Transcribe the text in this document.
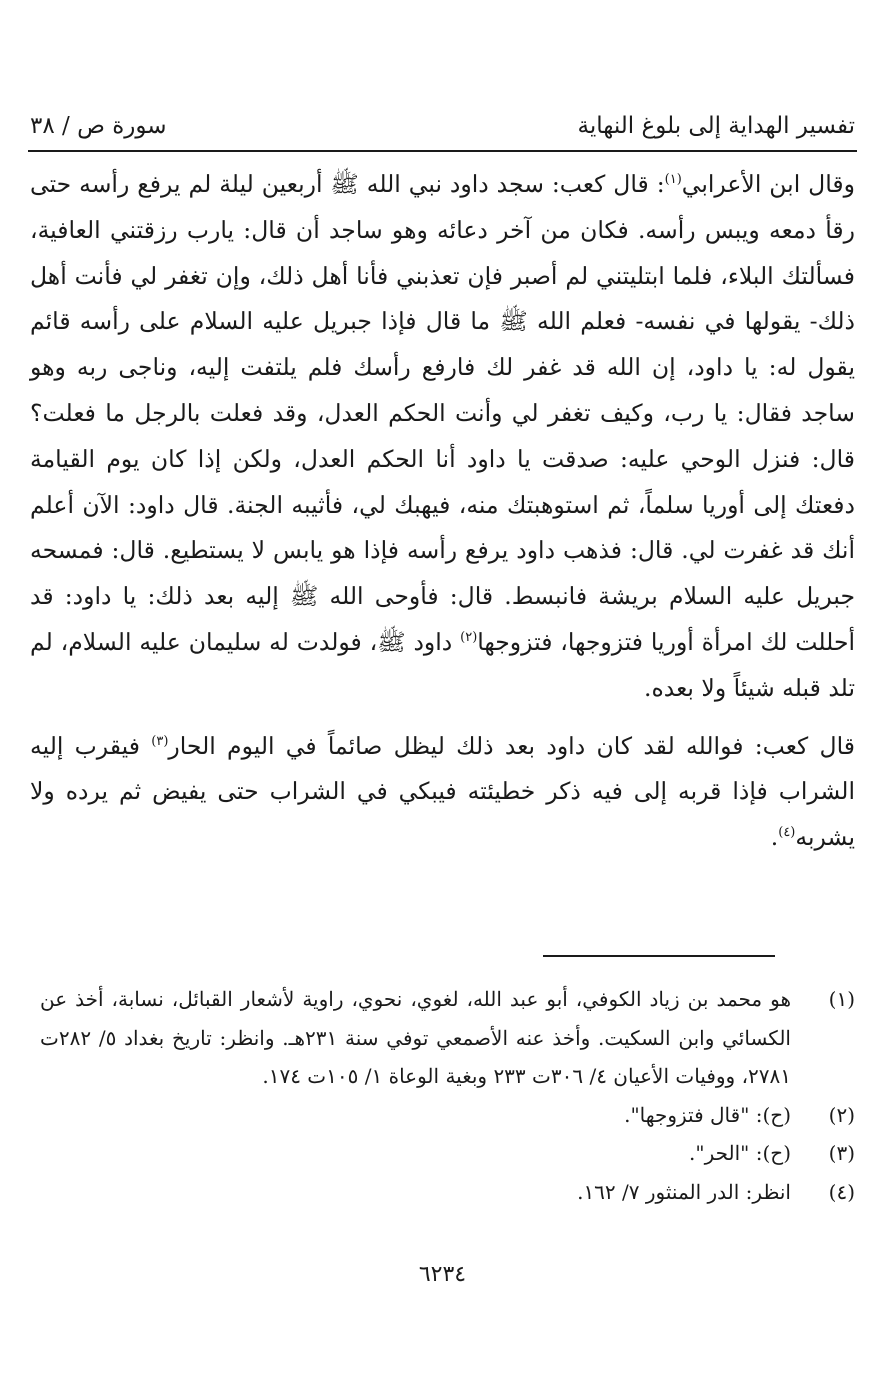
تفسير الهداية إلى بلوغ النهاية
سورة ص / ٣٨

وقال ابن الأعرابي$^{(١)}$: قال كعب: سجد داود نبي الله ﷺ أربعين ليلة لم يرفع رأسه حتى رقأ دمعه ويبس رأسه. فكان من آخر دعائه وهو ساجد أن قال: يارب رزقتني العافية، فسألتك البلاء، فلما ابتليتني لم أصبر فإن تعذبني فأنا أهل ذلك، وإن تغفر لي فأنت أهل ذلك- يقولها في نفسه- فعلم الله ﷺ ما قال فإذا جبريل عليه السلام على رأسه قائم يقول له: يا داود، إن الله قد غفر لك فارفع رأسك فلم يلتفت إليه، وناجى ربه وهو ساجد فقال: يا رب، وكيف تغفر لي وأنت الحكم العدل، وقد فعلت بالرجل ما فعلت؟ قال: فنزل الوحي عليه: صدقت يا داود أنا الحكم العدل، ولكن إذا كان يوم القيامة دفعتك إلى أوريا سلماً، ثم استوهبتك منه، فيهبك لي، فأثيبه الجنة. قال داود: الآن أعلم أنك قد غفرت لي. قال: فذهب داود يرفع رأسه فإذا هو يابس لا يستطيع. قال: فمسحه جبريل عليه السلام بريشة فانبسط. قال: فأوحى الله ﷺ إليه بعد ذلك: يا داود: قد أحللت لك امرأة أوريا فتزوجها، فتزوجها$^{(٢)}$ داود ﷺ، فولدت له سليمان عليه السلام، لم تلد قبله شيئاً ولا بعده.

قال كعب: فوالله لقد كان داود بعد ذلك ليظل صائماً في اليوم الحار$^{(٣)}$ فيقرب إليه الشراب فإذا قربه إلى فيه ذكر خطيئته فيبكي في الشراب حتى يفيض ثم يرده ولا يشربه$^{(٤)}$.

(١)
هو محمد بن زياد الكوفي، أبو عبد الله، لغوي، نحوي، راوية لأشعار القبائل، نسابة، أخذ عن الكسائي وابن السكيت. وأخذ عنه الأصمعي توفي سنة ٢٣١هـ. وانظر: تاريخ بغداد ٥/ ٢٨٢ت ٢٧٨١، ووفيات الأعيان ٤/ ٣٠٦ت ٢٣٣ وبغية الوعاة ١/ ١٠٥ت ١٧٤.
(٢)
(ح): "قال فتزوجها".
(٣)
(ح): "الحر".
(٤)
انظر: الدر المنثور ٧/ ١٦٢.
٦٢٣٤
